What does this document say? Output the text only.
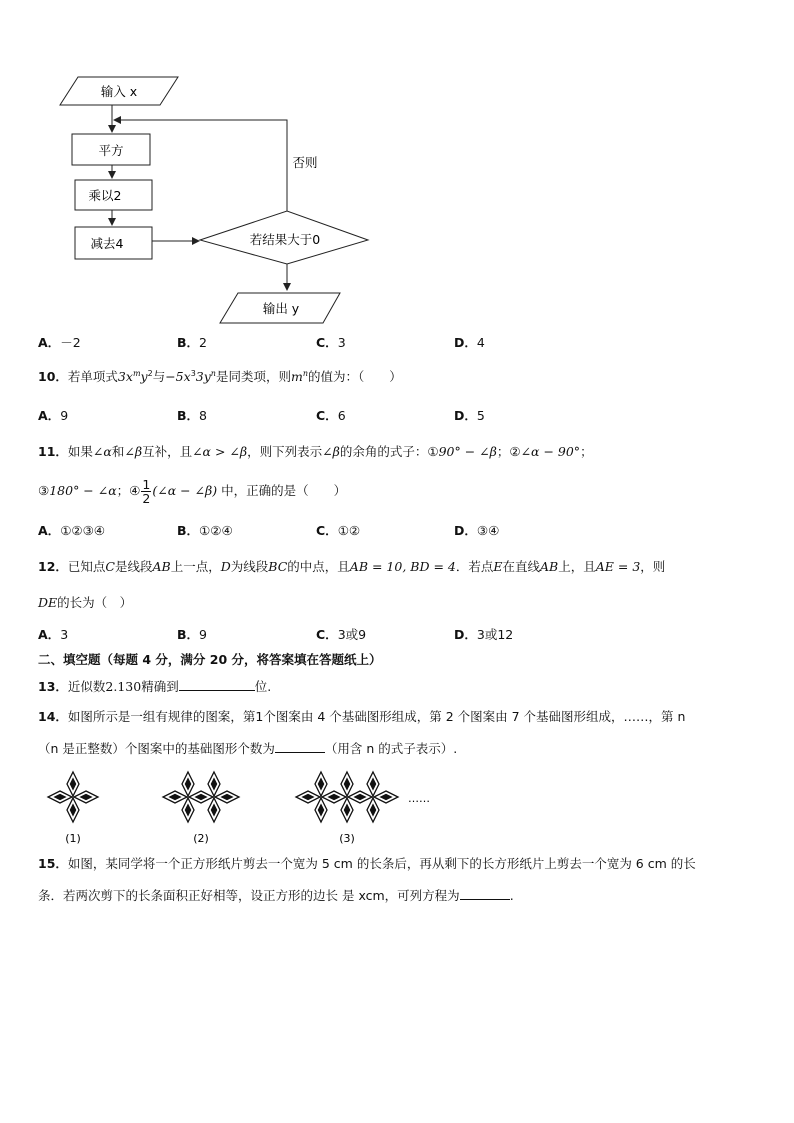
输入 x
平方
乘以2
减去4	若结果大于0
否则
输出 y
A．－2	B．2	C．3	D．4
10．若单项式$3x^my^2$与$-5x^33y^n$是同类项，则$m^n$的值为：（　　）
A．9	B．8	C．6	D．5
11．如果∠α和∠β互补，且∠α > ∠β，则下列表示∠β的余角的式子：①90° − ∠β；②∠α − 90°；
③180° − ∠α；④ $\frac{1}{2}$ (∠α − ∠β) 中，正确的是（　　）
A．①②③④	B．①②④	C．①②	D．③④
12．已知点C是线段AB上一点，D为线段BC的中点，且AB = 10, BD = 4．若点E在直线AB上，且AE = 3，则
DE的长为（　）
A．3	B．9	C．3或9	D．3或12
二、填空题（每题 4 分，满分 20 分，将答案填在答题纸上）
13．近似数2.130精确到	位.
14．如图所示是一组有规律的图案，第1个图案由 4 个基础图形组成，第 2 个图案由 7 个基础图形组成，……，第 n
（n 是正整数）个图案中的基础图形个数为	（用含 n 的式子表示）.
(1)	(2)	(3)
……
15．如图，某同学将一个正方形纸片剪去一个宽为 5 cm 的长条后，再从剩下的长方形纸片上剪去一个宽为 6 cm 的长
条．若两次剪下的长条面积正好相等，设正方形的边长 是 xcm，可列方程为	.
